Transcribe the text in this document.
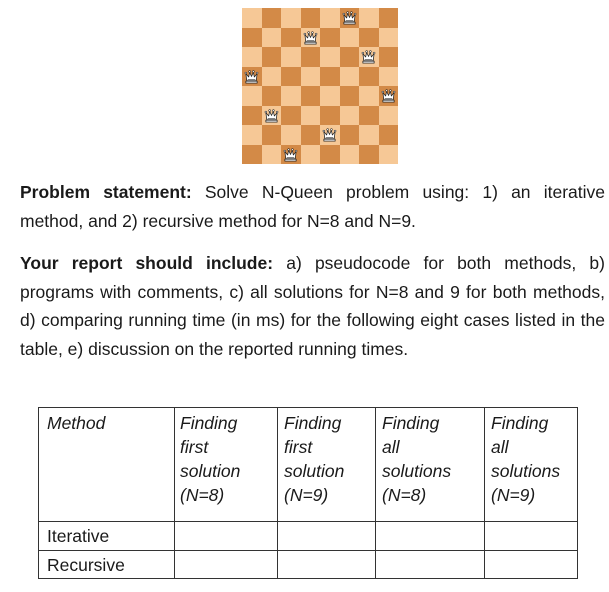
Problem statement: Solve N-Queen problem using: 1) an iterative method, and 2) recursive method for N=8 and N=9.
Your report should include: a) pseudocode for both methods, b) programs with comments, c) all solutions for N=8 and 9 for both methods, d) comparing running time (in ms) for the following eight cases listed in the table, e) discussion on the reported running times.
Method	Finding
first
solution
(N=8)
Finding
first
solution
(N=9)
Finding
all
solutions
(N=8)
Finding
all
solutions
(N=9)
Iterative
Recursive
